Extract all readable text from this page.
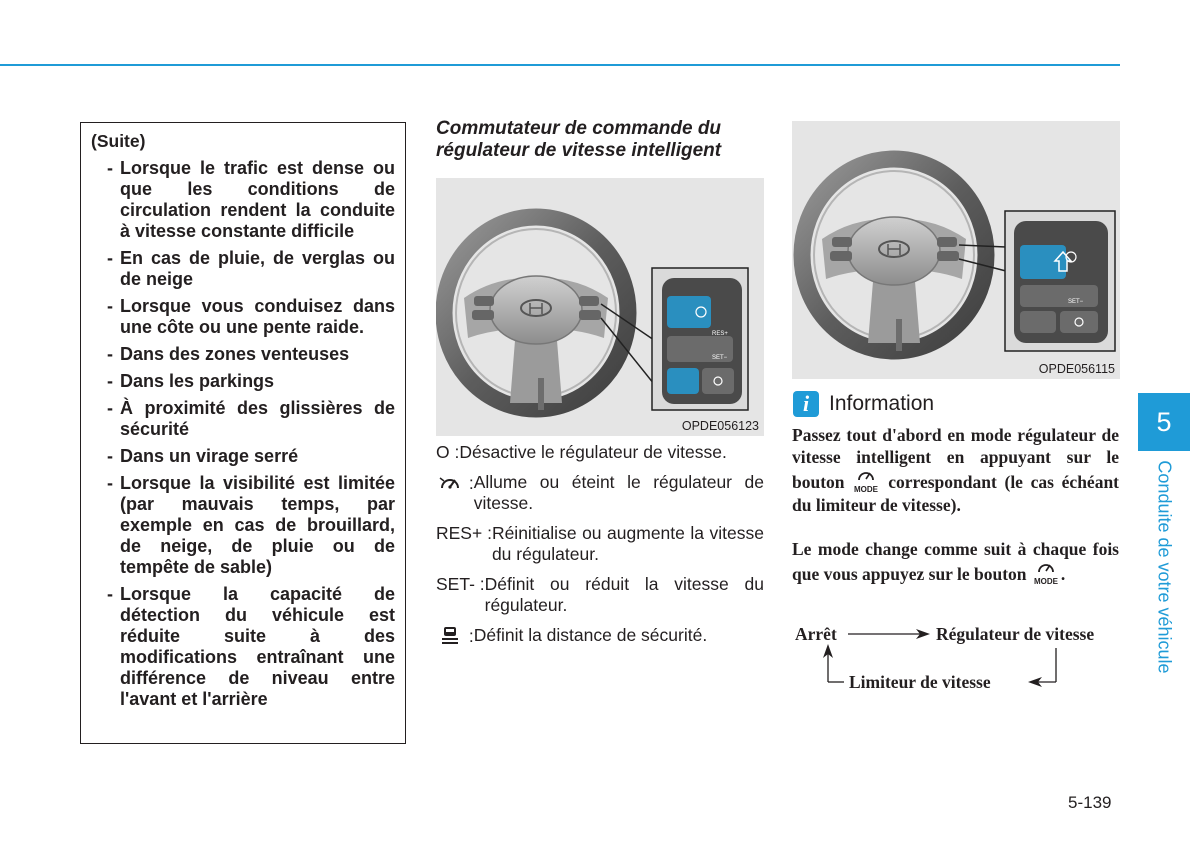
(Suite)

- Lorsque le trafic est dense ou que les conditions de circulation rendent la conduite à vitesse constante difficile
- En cas de pluie, de verglas ou de neige
- Lorsque vous conduisez dans une côte ou une pente raide.
- Dans des zones venteuses
- Dans les parkings
- À proximité des glissières de sécurité
- Dans un virage serré
- Lorsque la visibilité est limitée (par mauvais temps, par exemple en cas de brouillard, de neige, de pluie ou de tempête de sable)
- Lorsque la capacité de détection du véhicule est réduite suite à des modifications entraînant une différence de niveau entre l'avant et l'arrière
Commutateur de commande du régulateur de vitesse intelligent
RES+
SET−
OPDE056123
O : Désactive le régulateur de vitesse.
: Allume ou éteint le régulateur de vitesse.
RES+ : Réinitialise ou augmente la vitesse du régulateur.
SET- : Définit ou réduit la vitesse du régulateur.
: Définit la distance de sécurité.
SET−
OPDE056115
i Information

Passez tout d'abord en mode régulateur de vitesse intelligent en appuyant sur le bouton MODE correspondant (le cas échéant du limiteur de vitesse).

Le mode change comme suit à chaque fois que vous appuyez sur le bouton MODE .

Arrêt	Régulateur de vitesse
Limiteur de vitesse
5
Conduite de votre véhicule
5-139
